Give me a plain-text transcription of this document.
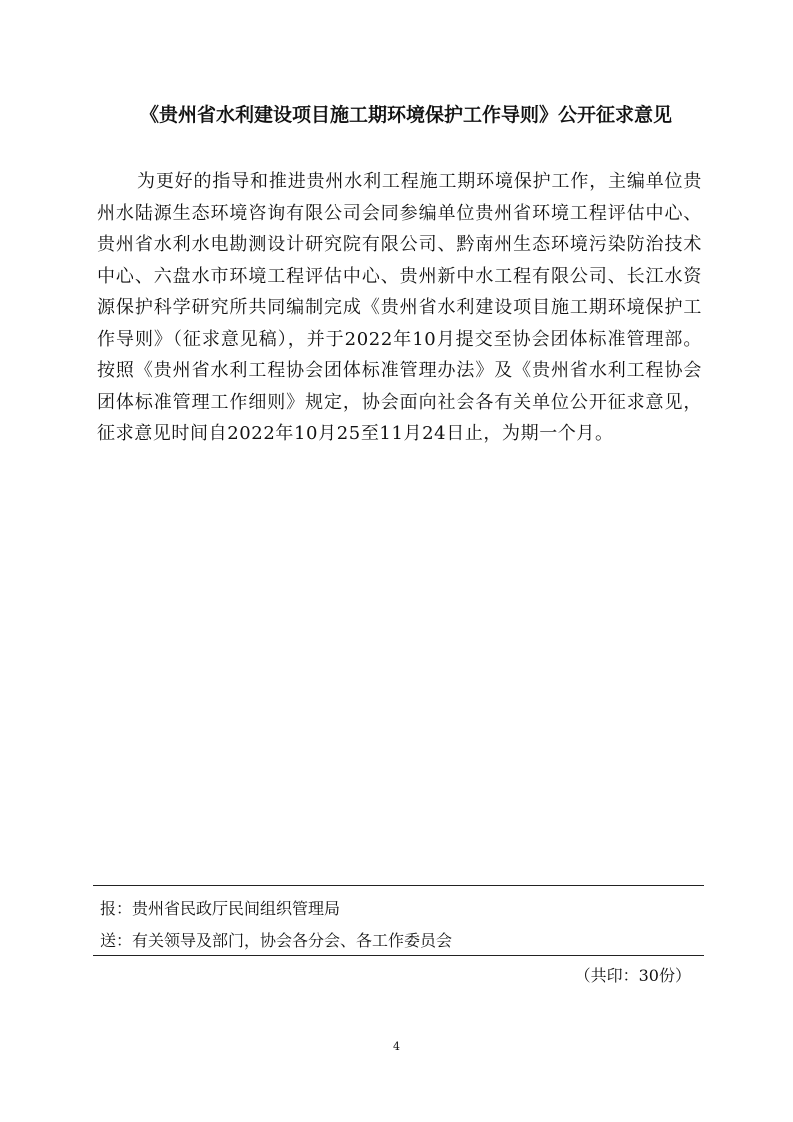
《贵州省水利建设项目施工期环境保护工作导则》公开征求意见

为更好的指导和推进贵州水利工程施工期环境保护工作，主编单位贵州水陆源生态环境咨询有限公司会同参编单位贵州省环境工程评估中心、贵州省水利水电勘测设计研究院有限公司、黔南州生态环境污染防治技术中心、六盘水市环境工程评估中心、贵州新中水工程有限公司、长江水资源保护科学研究所共同编制完成《贵州省水利建设项目施工期环境保护工作导则》（征求意见稿），并于2022年10月提交至协会团体标准管理部。按照《贵州省水利工程协会团体标准管理办法》及《贵州省水利工程协会团体标准管理工作细则》规定，协会面向社会各有关单位公开征求意见，征求意见时间自2022年10月25至11月24日止，为期一个月。

报：贵州省民政厅民间组织管理局

送：有关领导及部门，协会各分会、各工作委员会

（共印：30份）

4
